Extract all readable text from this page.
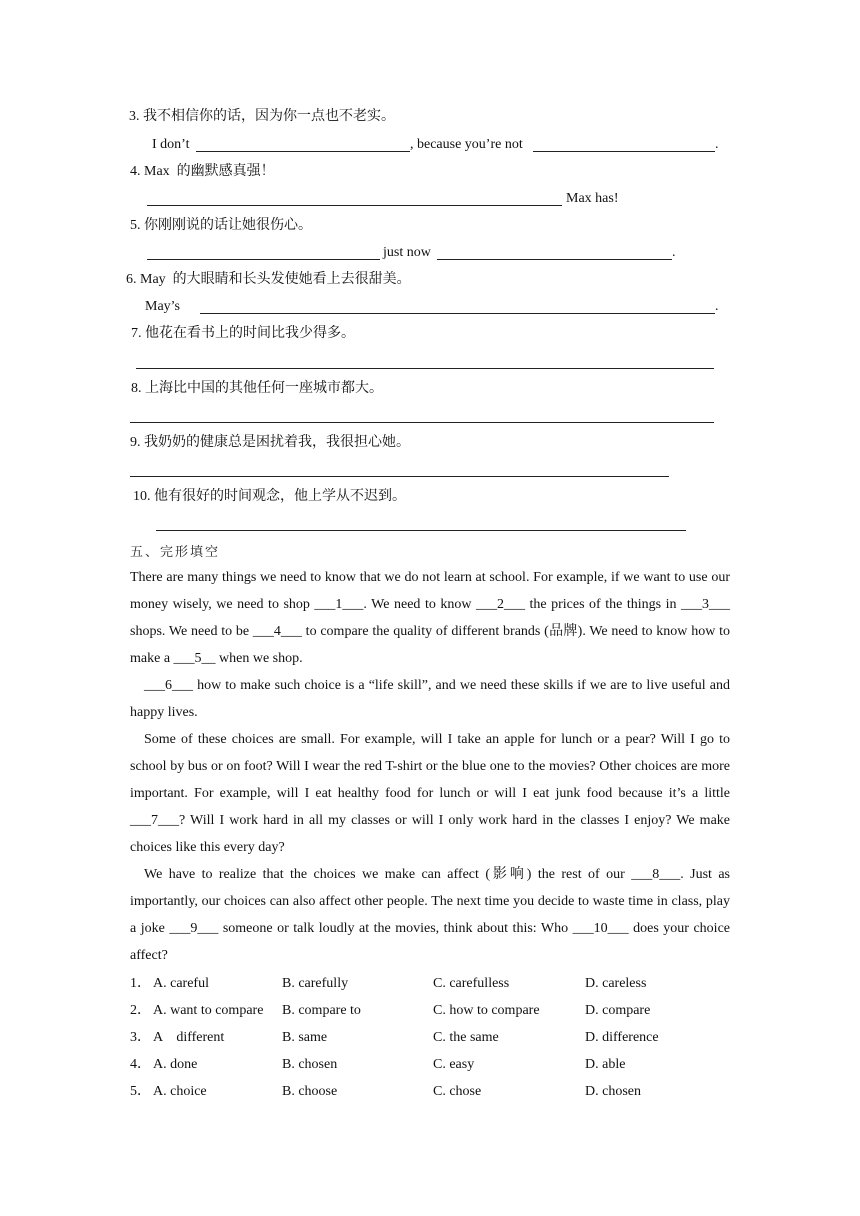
3. 我不相信你的话，因为你一点也不老实。
I don’t	, because you’re not	.
4. Max  的幽默感真强！
Max has!
5. 你刚刚说的话让她很伤心。
just now	.
6. May  的大眼睛和长头发使她看上去很甜美。
May’s	.
7. 他花在看书上的时间比我少得多。
8. 上海比中国的其他任何一座城市都大。
9. 我奶奶的健康总是困扰着我，我很担心她。
10. 他有很好的时间观念，他上学从不迟到。
五、完形填空
There are many things we need to know that we do not learn at school. For example, if we want to use our money wisely, we need to shop ___1___. We need to know ___2___ the prices of the things in ___3___ shops. We need to be ___4___ to compare the quality of different brands (品牌). We need to know how to make a ___5__ when we shop.
___6___ how to make such choice is a “life skill”, and we need these skills if we are to live useful and happy lives.
Some of these choices are small. For example, will I take an apple for lunch or a pear? Will I go to school by bus or on foot? Will I wear the red T-shirt or the blue one to the movies? Other choices are more important. For example, will I eat healthy food for lunch or will I eat junk food because it’s a little ___7___? Will I work hard in all my classes or will I only work hard in the classes I enjoy? We make choices like this every day?
We have to realize that the choices we make can affect (影响) the rest of our ___8___. Just as importantly, our choices can also affect other people. The next time you decide to waste time in class, play a joke ___9___ someone or talk loudly at the movies, think about this: Who ___10___ does your choice affect?
1． A. careful	B. carefully	C. carefulless	D. careless
2． A. want to compare B. compare to	C. how to compare	D. compare
3． A    different	B. same	C. the same	D. difference
4． A. done	B. chosen	C. easy	D. able
5． A. choice	B. choose	C. chose	D. chosen
